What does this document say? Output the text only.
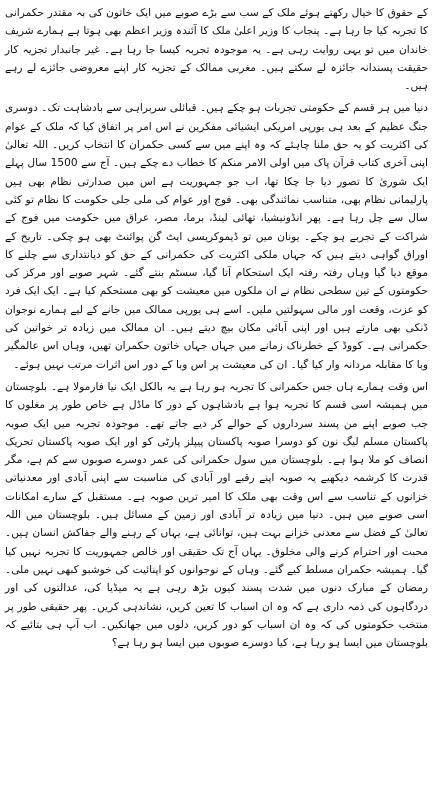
کے حقوق کا خیال رکھتے ہوئے ملک کے سب سے بڑے صوبے میں ایک خاتون کی بہ مقتدر حکمرانی کا تجربہ کیا جا رہا ہے۔ پنجاب کا وزیر اعلیٰ ملک کا آئندہ وزیر اعظم بھی ہوتا ہے ہمارے شریف خاندان میں تو یہی روایت رہی ہے۔ یہ موجودہ تجربہ کیسا جا رہا ہے۔ غیر جانبدار تجزیہ کار حقیقت پسندانہ جائزہ لے سکتے ہیں۔ مغربی ممالک کے تجزیہ کار اپنے معروضی جائزے لے رہے ہیں۔

دنیا میں ہر قسم کے حکومتی تجربات ہو چکے ہیں۔ قبائلی سربراہی سے بادشاہت تک۔ دوسری جنگ عظیم کے بعد ہی یورپی امریکی ایشیائی مفکرین نے اس امر پر اتفاق کیا کہ ملک کے عوام کی اکثریت کو یہ حق ملنا چاہئے کہ وہ اپنے میں سے کسی حکمران کا انتخاب کریں۔ اللہ تعالیٰ اپنی آخری کتاب قرآن پاک میں اولی الامر منکم کا خطاب دے چکے ہیں۔ آج سے 1500 سال پہلے ایک شوریٰ کا تصور دیا جا چکا تھا، اب جو جمہوریت ہے اس میں صدارتی نظام بھی ہیں پارلیمانی نظام بھی، متناسب نمائندگی بھی۔ فوج اور عوام کی ملی جلی حکومت کا نظام تو کئی سال سے چل رہا ہے۔ پھر انڈونیشیا، تھائی لینڈ، برما، مصر، عراق میں حکومت میں فوج کے شراکت کے تجربے ہو چکے۔ یونان میں تو ڈیموکریسی ایٹ گن پوائنٹ بھی ہو چکی۔ تاریخ کے اوراق گواہی دیتے ہیں کہ جہاں ملکی اکثریت کی حکمرانی کے حق کو دیانتداری سے چلنے کا موقع دیا گیا وہاں رفتہ رفتہ ایک استحکام آتا گیا، سسٹم بنتے گئے۔ شہر صوبے اور مرکز کی حکومتوں کے تین سطحی نظام نے ان ملکوں میں معیشت کو بھی مستحکم کیا ہے۔ ایک ایک فرد کو عزت، وقعت اور مالی سہولتیں ملیں۔ اسے ہی یورپی ممالک میں جانے کے لیے ہمارے نوجوان ڈنکی بھی مارتے ہیں اور اپنی آبائی مکان بیچ دیتے ہیں۔ ان ممالک میں زیادہ تر خواتین کی حکمرانی ہے۔ کووڈ کے خطرناک زمانے میں جہاں جہاں خاتون حکمران تھیں، وہاں اس عالمگیر وبا کا مقابلہ مردانہ وار کیا گیا۔ ان کی معیشت پر اس وبا کے دور اس اثرات مرتب نہیں ہوئے۔

اس وقت ہمارے ہاں جس حکمرانی کا تجربہ ہو رہا ہے یہ بالکل ایک نیا فارمولا ہے۔ بلوچستان میں ہمیشہ اسی قسم کا تجربہ ہوا ہے بادشاہوں کے دور کا ماڈل ہے خاص طور پر مغلوں کا جب صوبے اپنے من پسند سرداروں کے حوالے کر دیے جاتے تھے۔ موجودہ تجربہ میں ایک صوبہ پاکستان مسلم لیگ نون کو دوسرا صوبہ پاکستان پیپلز پارٹی کو اور ایک صوبہ پاکستان تحریک انصاف کو ملا ہوا ہے۔ بلوچستان میں سول حکمرانی کی عمر دوسرے صوبوں سے کم ہے، مگر قدرت کا کرشمہ دیکھیے یہ صوبہ اپنے رقبے اور آبادی کی مناسبت سے اپنی آبادی اور معدنیاتی خزانوں کے تناسب سے اس وقت بھی ملک کا امیر ترین صوبہ ہے۔ مستقبل کے سارے امکانات اسی صوبے میں ہیں۔ دنیا میں زیادہ تر آبادی اور زمین کے مسائل ہیں۔ بلوچستان میں اللہ تعالیٰ کے فضل سے معدنی خزانے بہت ہیں، توانائی ہے، یہاں کے رہنے والے جفاکش انسان ہیں۔ محبت اور احترام کرنے والی مخلوق۔ یہاں آج تک حقیقی اور خالص جمہوریت کا تجربہ نہیں کیا گیا۔ ہمیشہ حکمران مسلط کیے گئے۔ وہاں کے نوجوانوں کو اپنائیت کی خوشبو کبھی نہیں ملی۔ رمضان کے مبارک دنوں میں شدت پسند کیوں بڑھ رہی ہے یہ میڈیا کی، عدالتوں کی اور دردگاہوں کی ذمہ داری ہے کہ وہ ان اسباب کا تعین کریں، نشاندہی کریں۔ پھر حقیقی طور پر منتخب حکومتوں کی کہ وہ ان اسباب کو دور کریں، دلوں میں جھانکیں۔ اب آپ ہی بتائیے کہ بلوچستان میں ایسا ہو رہا ہے، کیا دوسرے صوبوں میں ایسا ہو رہا ہے؟
